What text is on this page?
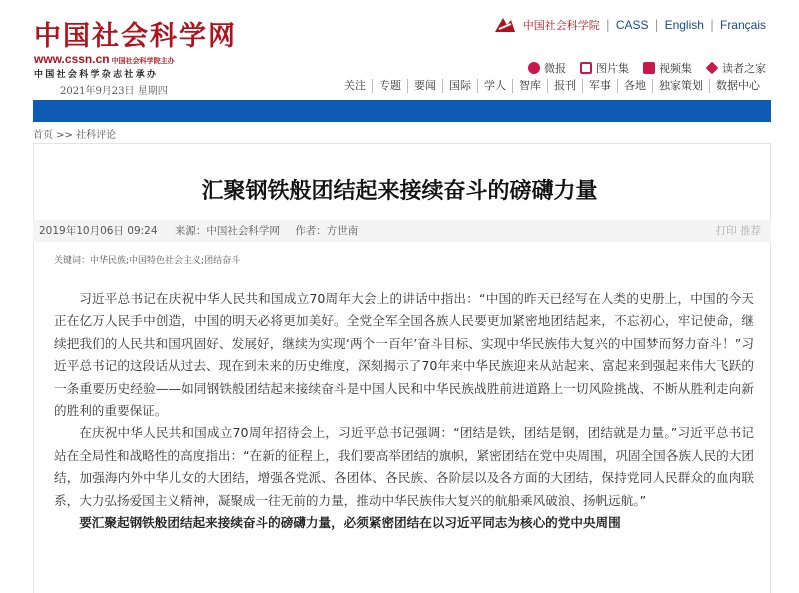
中国社会科学网
www.cssn.cn 中国社会科学院主办
中国社会科学杂志社承办
2021年9月23日 星期四
中国社会科学院 | CASS | English | Français
微报	图片集	视频集	读者之家
关注	专题	要闻	国际	学人	智库	报刊	军事	各地	独家策划	数据中心
首页 >> 社科评论
汇聚钢铁般团结起来接续奋斗的磅礴力量
2019年10月06日 09:24 来源：中国社会科学网 作者：方世南	打印 推荐
关键词：中华民族;中国特色社会主义;团结奋斗

习近平总书记在庆祝中华人民共和国成立70周年大会上的讲话中指出：“中国的昨天已经写在人类的史册上，中国的今天正在亿万人民手中创造，中国的明天必将更加美好。全党全军全国各族人民要更加紧密地团结起来，不忘初心，牢记使命，继续把我们的人民共和国巩固好、发展好，继续为实现‘两个一百年’奋斗目标、实现中华民族伟大复兴的中国梦而努力奋斗！”习近平总书记的这段话从过去、现在到未来的历史维度，深刻揭示了70年来中华民族迎来从站起来、富起来到强起来伟大飞跃的一条重要历史经验——如同钢铁般团结起来接续奋斗是中国人民和中华民族战胜前进道路上一切风险挑战、不断从胜利走向新的胜利的重要保证。

在庆祝中华人民共和国成立70周年招待会上，习近平总书记强调：“团结是铁，团结是钢，团结就是力量。”习近平总书记站在全局性和战略性的高度指出：“在新的征程上，我们要高举团结的旗帜，紧密团结在党中央周围，巩固全国各族人民的大团结，加强海内外中华儿女的大团结，增强各党派、各团体、各民族、各阶层以及各方面的大团结，保持党同人民群众的血肉联系，大力弘扬爱国主义精神，凝聚成一往无前的力量，推动中华民族伟大复兴的航船乘风破浪、扬帆远航。”

要汇聚起钢铁般团结起来接续奋斗的磅礴力量，必须紧密团结在以习近平同志为核心的党中央周围
